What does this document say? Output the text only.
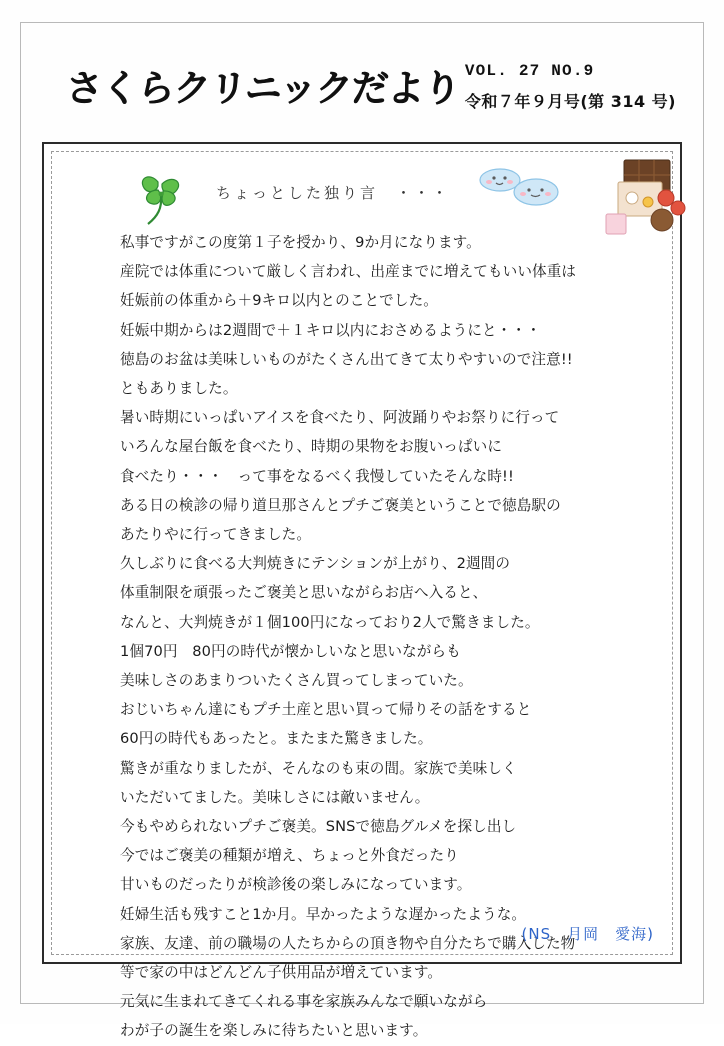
さくらクリニックだより VOL. 27 NO.9
令和７年９月号(第 314 号)
ちょっとした独り言　・・・
私事ですがこの度第１子を授かり、9か月になります。
産院では体重について厳しく言われ、出産までに増えてもいい体重は
妊娠前の体重から＋9キロ以内とのことでした。
妊娠中期からは2週間で＋１キロ以内におさめるようにと・・・
徳島のお盆は美味しいものがたくさん出てきて太りやすいので注意!!
ともありました。
暑い時期にいっぱいアイスを食べたり、阿波踊りやお祭りに行って
いろんな屋台飯を食べたり、時期の果物をお腹いっぱいに
食べたり・・・　って事をなるべく我慢していたそんな時!!
ある日の検診の帰り道旦那さんとプチご褒美ということで徳島駅の
あたりやに行ってきました。
久しぶりに食べる大判焼きにテンションが上がり、2週間の
体重制限を頑張ったご褒美と思いながらお店へ入ると、
なんと、大判焼きが１個100円になっており2人で驚きました。
1個70円　80円の時代が懐かしいなと思いながらも
美味しさのあまりついたくさん買ってしまっていた。
おじいちゃん達にもプチ土産と思い買って帰りその話をすると
60円の時代もあったと。またまた驚きました。
驚きが重なりましたが、そんなのも束の間。家族で美味しく
いただいてました。美味しさには敵いません。
今もやめられないプチご褒美。SNSで徳島グルメを探し出し
今ではご褒美の種類が増え、ちょっと外食だったり
甘いものだったりが検診後の楽しみになっています。
妊婦生活も残すこと1か月。早かったような遅かったような。
家族、友達、前の職場の人たちからの頂き物や自分たちで購入した物
等で家の中はどんどん子供用品が増えています。
元気に生まれてきてくれる事を家族みんなで願いながら
わが子の誕生を楽しみに待ちたいと思います。
(NS　月岡　愛海)
